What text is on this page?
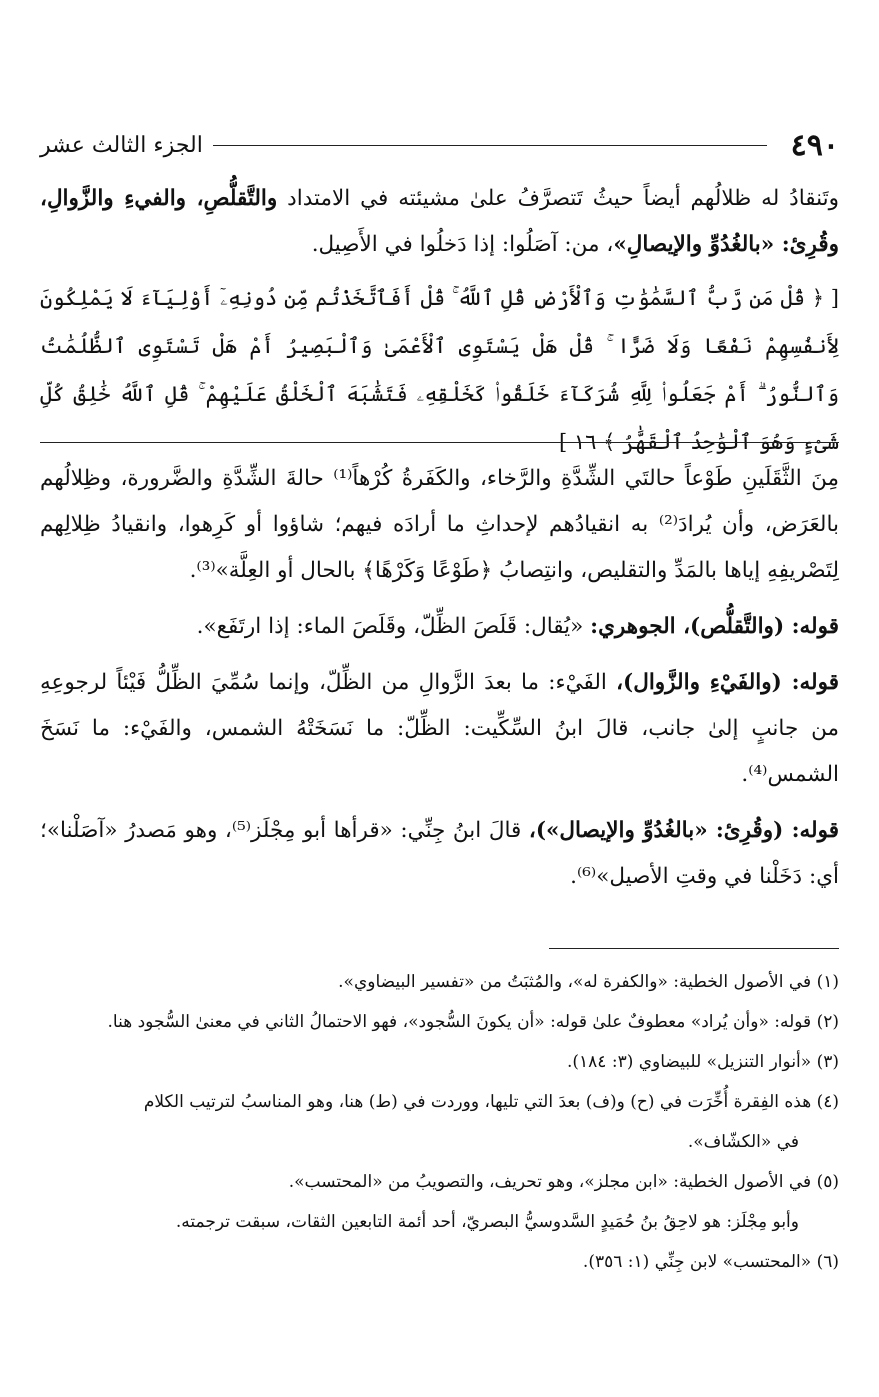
٤٩٠
الجزء الثالث عشر

وتَنقادُ له ظلالُهم أيضاً حيثُ تَتصرَّفُ علىٰ مشيئته في الامتداد والتَّقلُّصِ، والفيءِ والزَّوالِ، وقُرِئ: «بالغُدُوِّ والإيصالِ»، من: آصَلُوا: إذا دَخلُوا في الأَصِيل.

[ ﴿ قُلْ مَن رَّبُّ ٱلسَّمَٰوَٰتِ وَٱلْأَرْضِ قُلِ ٱللَّهُ ۚ قُلْ أَفَٱتَّخَذْتُم مِّن دُونِهِۦٓ أَوْلِيَآءَ لَا يَمْلِكُونَ لِأَنفُسِهِمْ نَفْعًا وَلَا ضَرًّا ۚ قُلْ هَلْ يَسْتَوِى ٱلْأَعْمَىٰ وَٱلْبَصِيرُ أَمْ هَلْ تَسْتَوِى ٱلظُّلُمَٰتُ وَٱلنُّورُ ۗ أَمْ جَعَلُوا۟ لِلَّهِ شُرَكَآءَ خَلَقُوا۟ كَخَلْقِهِۦ فَتَشَٰبَهَ ٱلْخَلْقُ عَلَيْهِمْ ۚ قُلِ ٱللَّهُ خَٰلِقُ كُلِّ شَىْءٍ وَهُوَ ٱلْوَٰحِدُ ٱلْقَهَّٰرُ ﴾ ١٦ ]

مِنَ الثَّقَلَينِ طَوْعاً حالتَي الشِّدَّةِ والرَّخاء، والكَفَرةُ كُرْهاً⁽¹⁾ حالةَ الشِّدَّةِ والضَّرورة، وظِلالُهم بالعَرَض، وأن يُرادَ⁽²⁾ به انقيادُهم لإحداثِ ما أرادَه فيهم؛ شاؤوا أو كَرِهوا، وانقيادُ ظِلالِهم لِتَصْريفِهِ إياها بالمَدِّ والتقليص، وانتِصابُ ﴿طَوْعًا وَكَرْهًا﴾ بالحال أو العِلَّة»⁽³⁾.

قوله: (والتَّقلُّص)، الجوهري: «يُقال: قَلَصَ الظِّلّ، وقَلَصَ الماء: إذا ارتَفَع».

قوله: (والفَيْءِ والزَّوال)، الفَيْء: ما بعدَ الزَّوالِ من الظِّلّ، وإنما سُمِّيَ الظِّلُّ فَيْئاً لرجوعِهِ من جانبٍ إلىٰ جانب، قالَ ابنُ السِّكِّيت: الظِّلّ: ما نَسَخَتْهُ الشمس، والفَيْء: ما نَسَخَ الشمس⁽⁴⁾.

قوله: (وقُرِئ: «بالغُدُوِّ والإيصال»)، قالَ ابنُ جِنِّي: «قرأها أبو مِجْلَز⁽⁵⁾، وهو مَصدرُ «آصَلْنا»؛ أي: دَخَلْنا في وقتِ الأصيل»⁽⁶⁾.

(١) في الأصول الخطية: «والكفرة له»، والمُثبَتُ من «تفسير البيضاوي».

(٢) قوله: «وأن يُراد» معطوفٌ علىٰ قوله: «أن يكونَ السُّجود»، فهو الاحتمالُ الثاني في معنىٰ السُّجود هنا.

(٣) «أنوار التنزيل» للبيضاوي (٣: ١٨٤).

(٤) هذه الفِقرة أُخِّرَت في (ح) و(ف) بعدَ التي تليها، ووردت في (ط) هنا، وهو المناسبُ لترتيب الكلام

في «الكشّاف».

(٥) في الأصول الخطية: «ابن مجلز»، وهو تحريف، والتصويبُ من «المحتسب».

وأبو مِجْلَز: هو لاحِقُ بنُ حُمَيدٍ السَّدوسيُّ البصريّ، أحد أئمة التابعين الثقات، سبقت ترجمته.

(٦) «المحتسب» لابن جِنِّي (١: ٣٥٦).
